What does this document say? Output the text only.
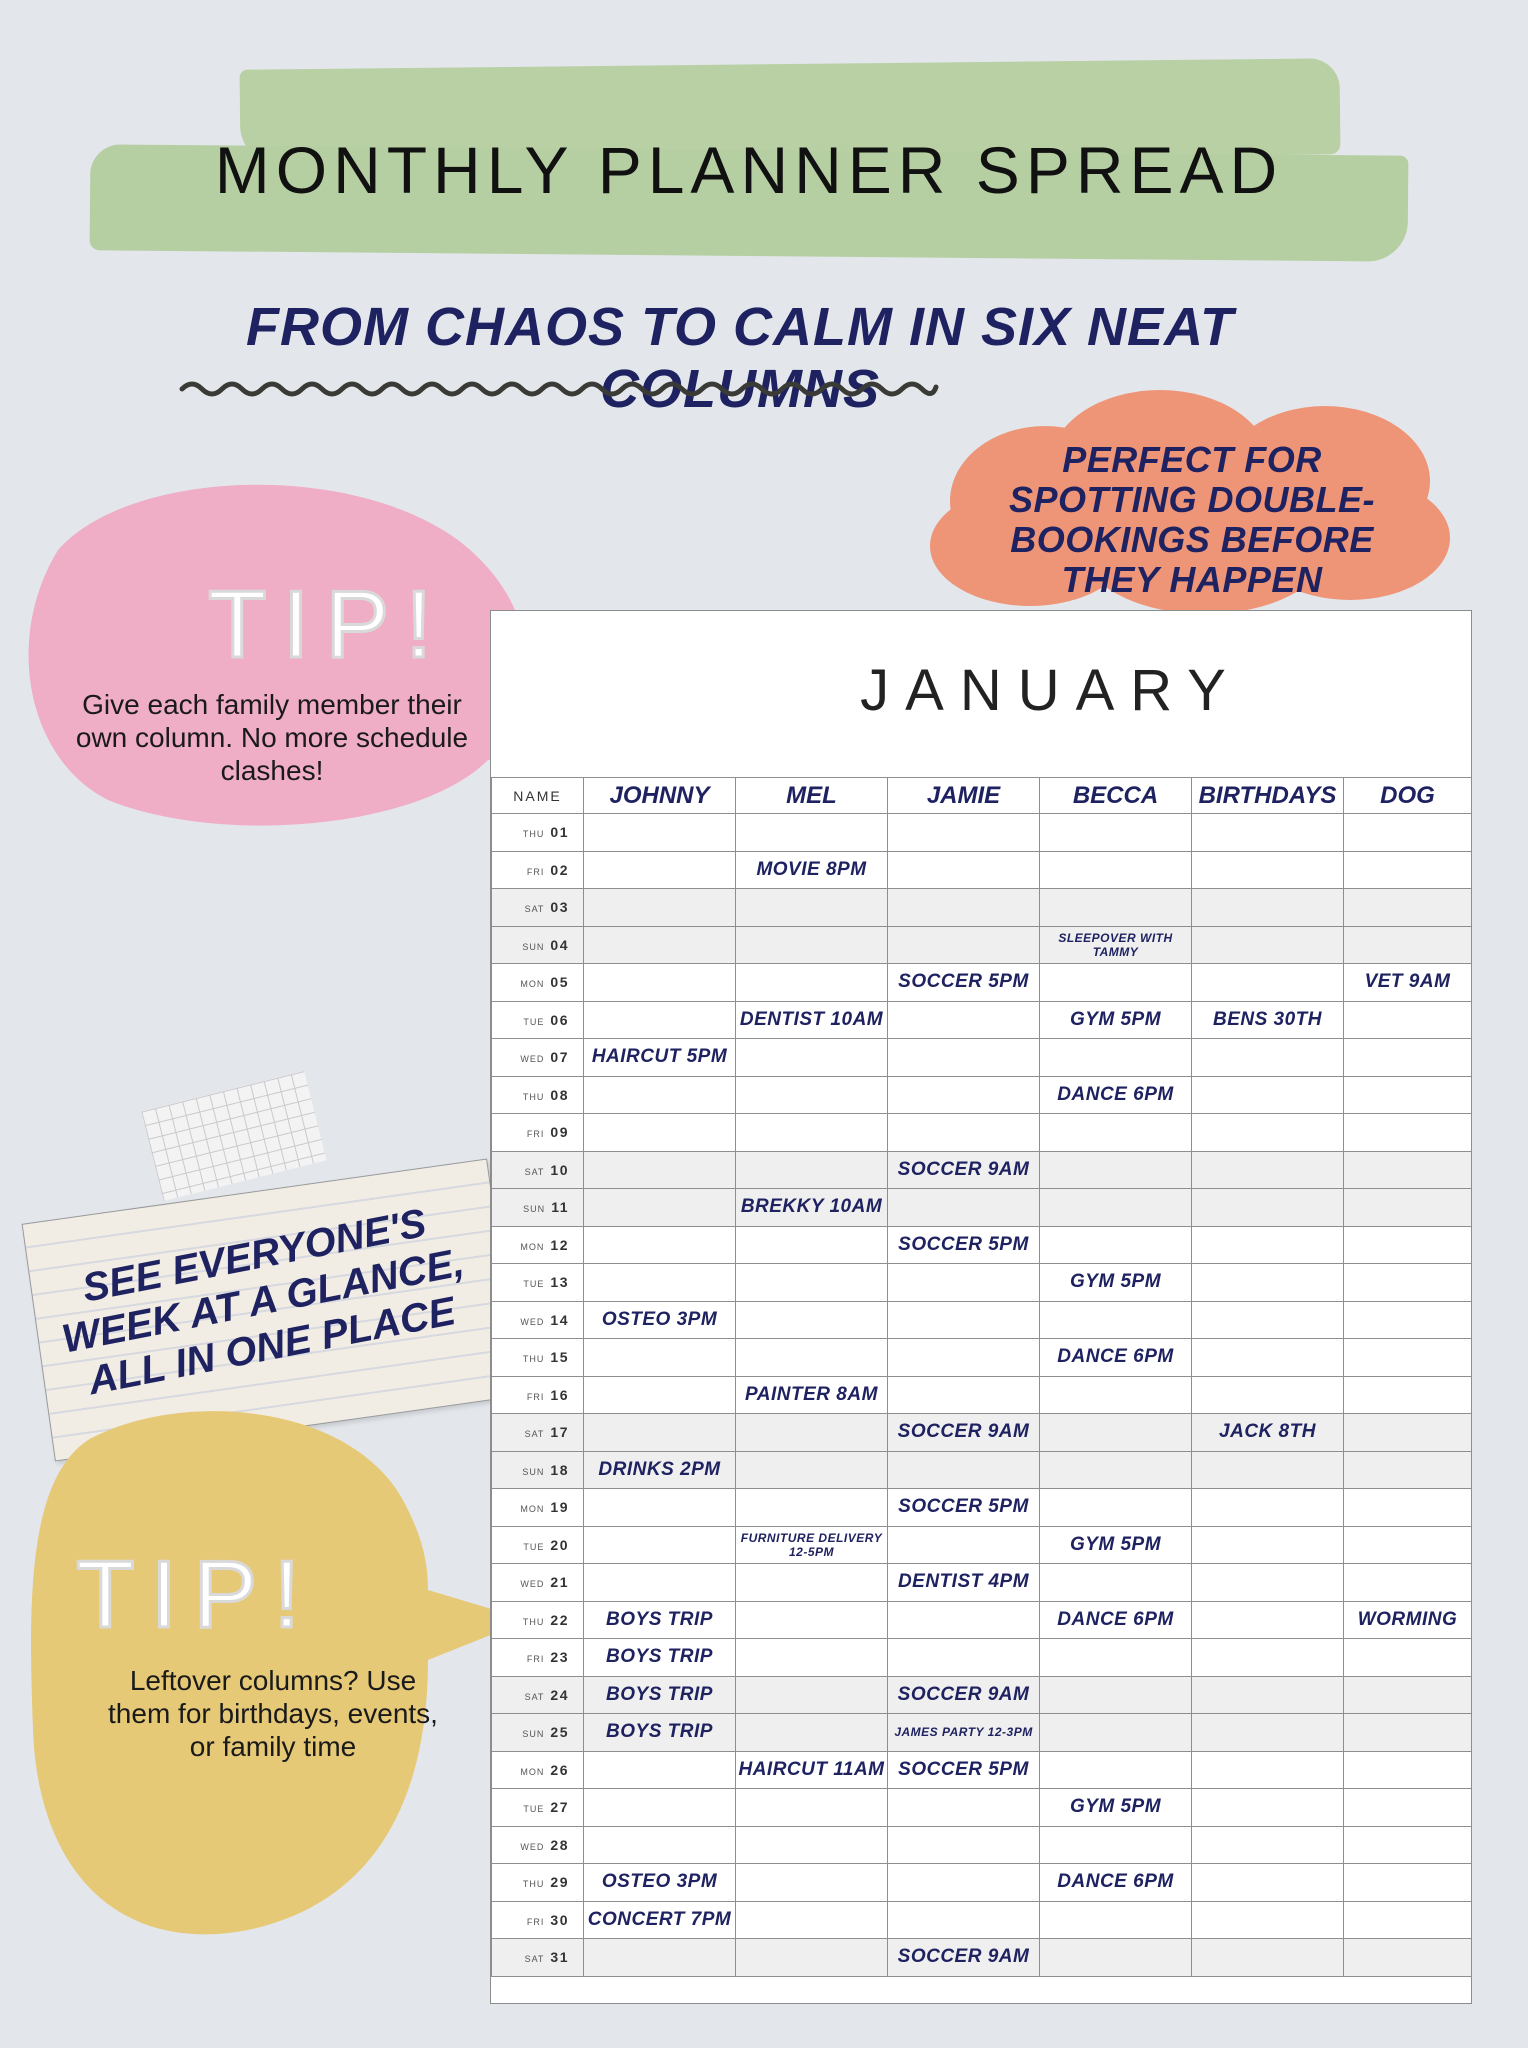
MONTHLY PLANNER SPREAD
FROM CHAOS TO CALM IN SIX NEAT COLUMNS
PERFECT FOR SPOTTING DOUBLE-BOOKINGS BEFORE THEY HAPPEN
TIP!
Give each family member their own column. No more schedule clashes!
SEE EVERYONE'S WEEK AT A GLANCE, ALL IN ONE PLACE
TIP!
Leftover columns? Use them for birthdays, events, or family time
JANUARY
NAME	JOHNNY	MEL	JAMIE	BECCA	BIRTHDAYS	DOG
THU 01						
FRI 02		MOVIE 8PM				
SAT 03						
SUN 04				SLEEPOVER WITH TAMMY		
MON 05			SOCCER 5PM			VET 9AM
TUE 06		DENTIST 10AM		GYM 5PM	BENS 30TH	
WED 07	HAIRCUT 5PM					
THU 08				DANCE 6PM		
FRI 09						
SAT 10			SOCCER 9AM			
SUN 11		BREKKY 10AM				
MON 12			SOCCER 5PM			
TUE 13				GYM 5PM		
WED 14	OSTEO 3PM					
THU 15				DANCE 6PM		
FRI 16		PAINTER 8AM				
SAT 17			SOCCER 9AM		JACK 8TH	
SUN 18	DRINKS 2PM					
MON 19			SOCCER 5PM			
TUE 20		FURNITURE DELIVERY 12-5PM		GYM 5PM		
WED 21			DENTIST 4PM			
THU 22	BOYS TRIP			DANCE 6PM		WORMING
FRI 23	BOYS TRIP					
SAT 24	BOYS TRIP		SOCCER 9AM			
SUN 25	BOYS TRIP		JAMES PARTY 12-3PM			
MON 26		HAIRCUT 11AM	SOCCER 5PM			
TUE 27				GYM 5PM		
WED 28						
THU 29	OSTEO 3PM			DANCE 6PM		
FRI 30	CONCERT 7PM					
SAT 31			SOCCER 9AM			
